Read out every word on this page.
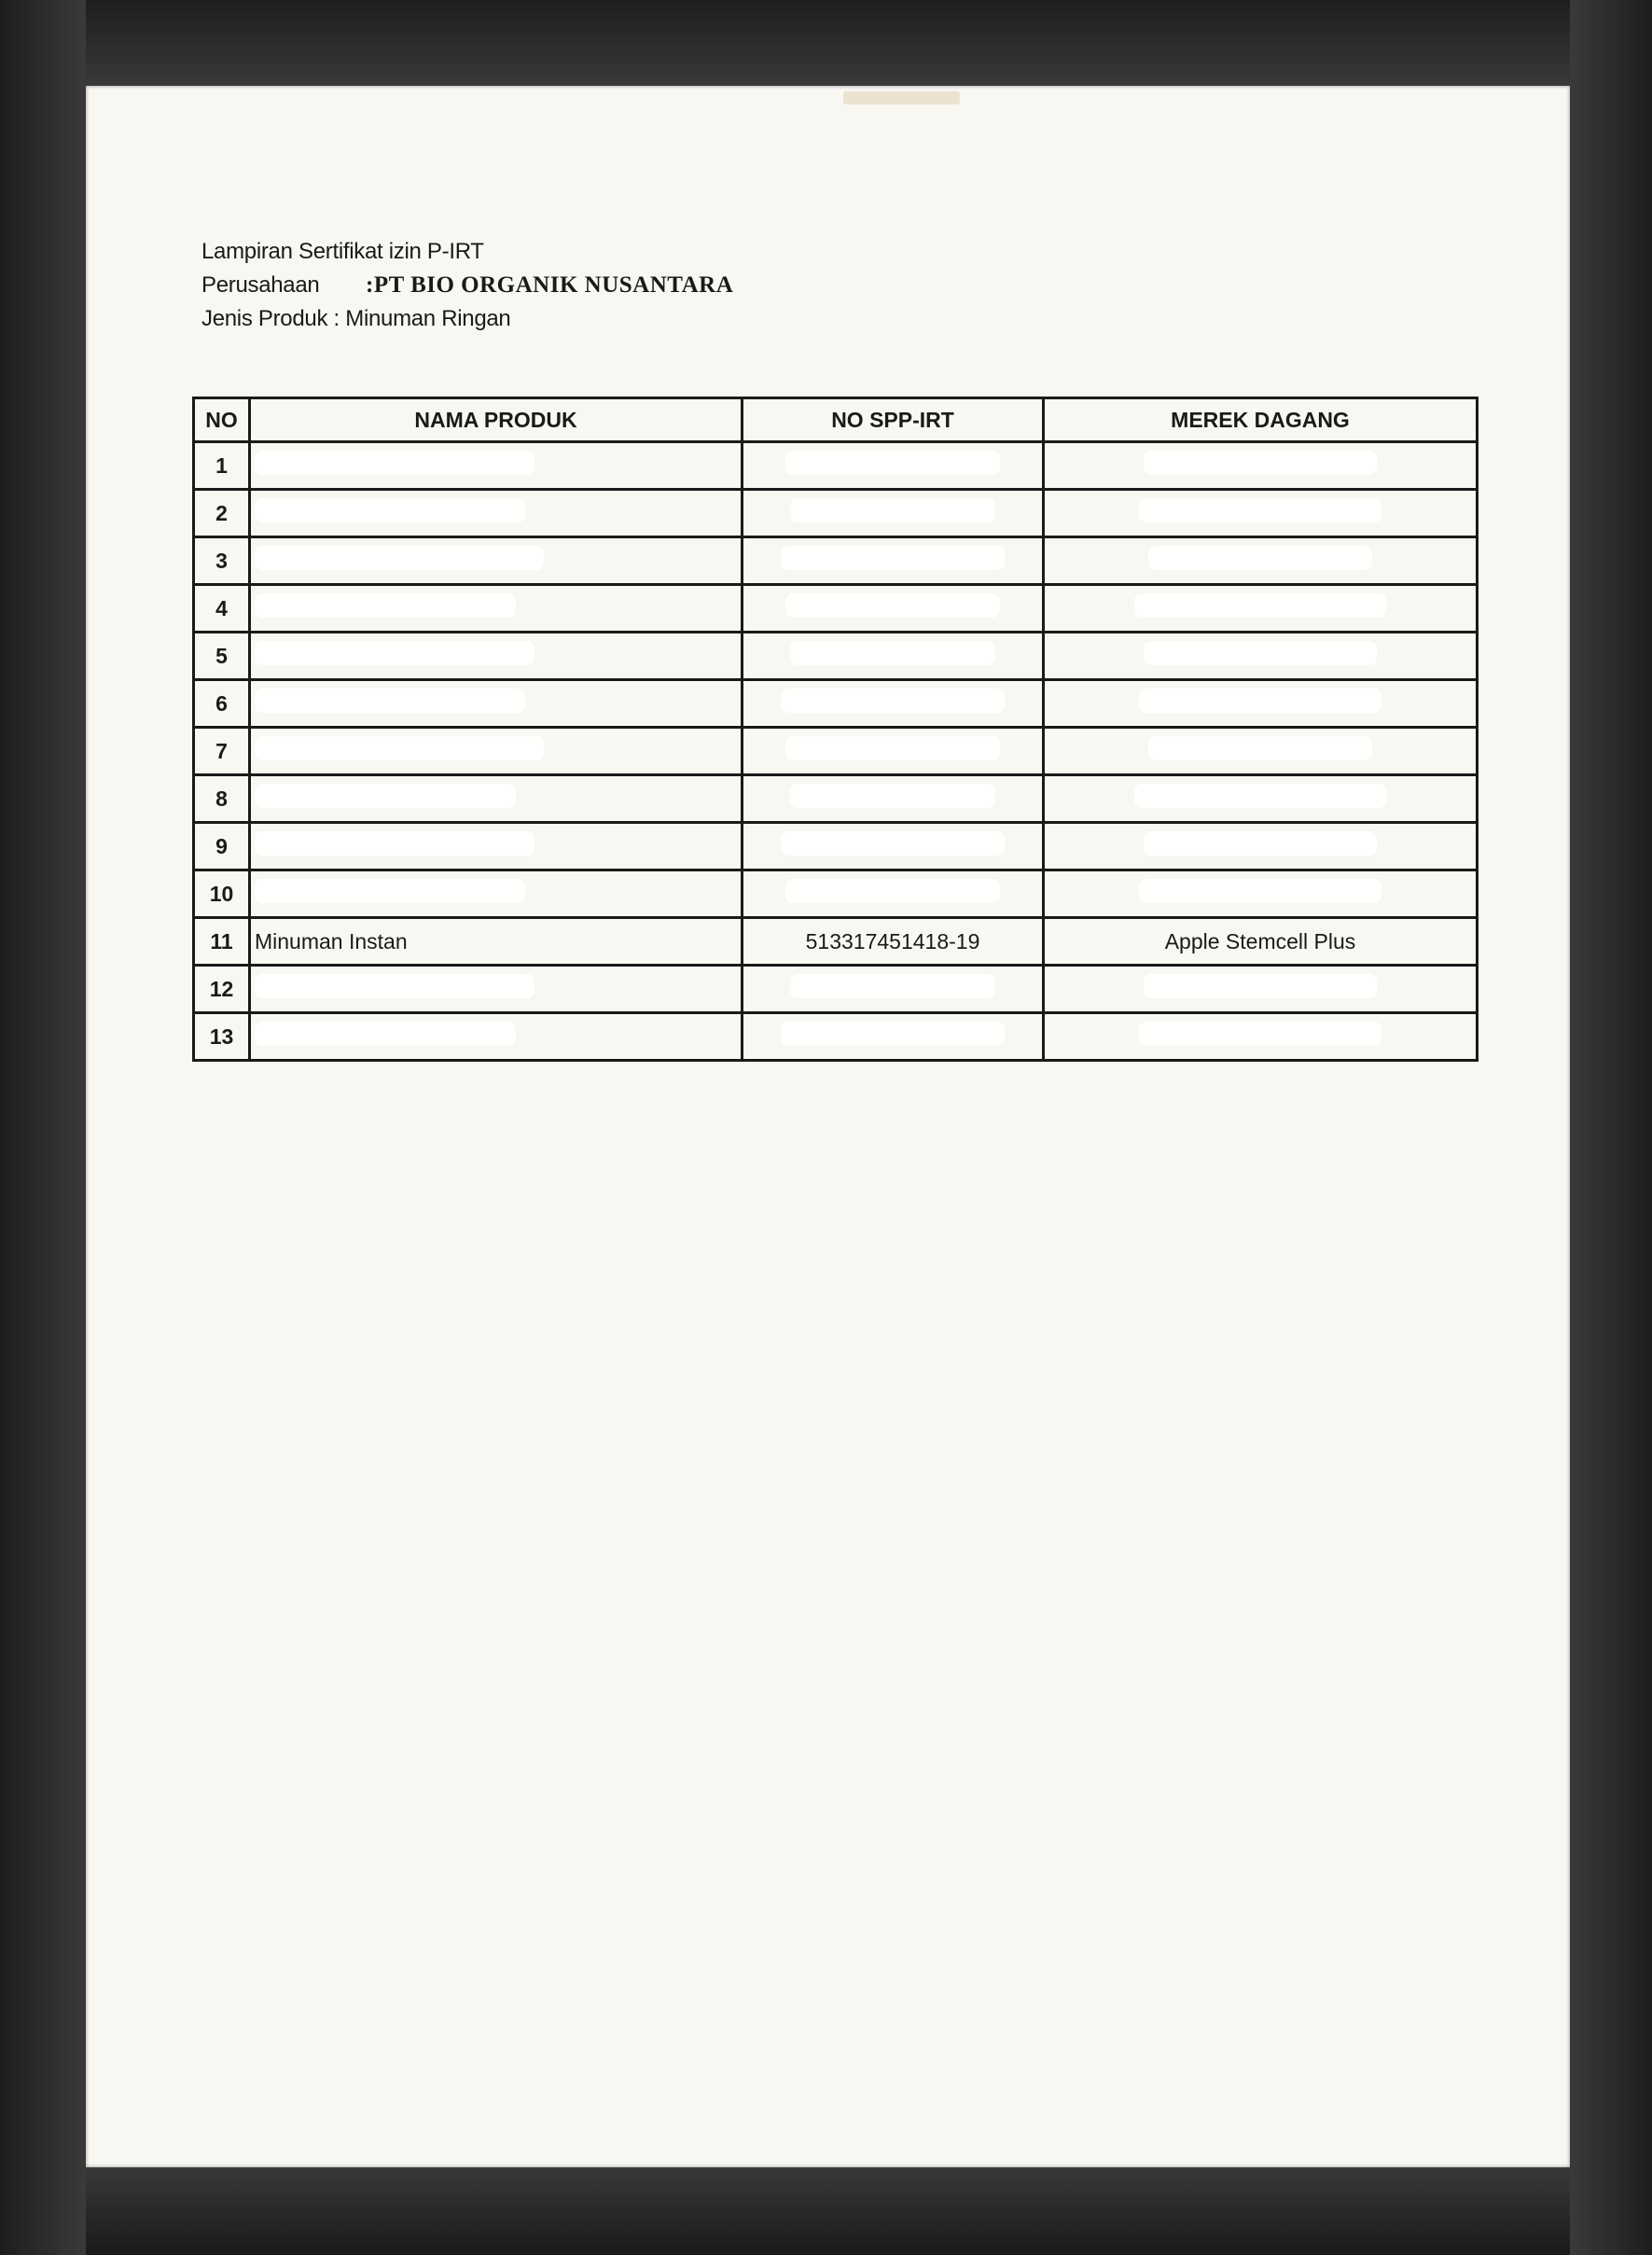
Lampiran Sertifikat izin P-IRT
Perusahaan :PT BIO ORGANIK NUSANTARA
Jenis Produk : Minuman Ringan
NO	NAMA PRODUK	NO SPP-IRT	MEREK DAGANG
1			
2			
3			
4			
5			
6			
7			
8			
9			
10			
11	Minuman Instan	513317451418-19	Apple Stemcell Plus
12			
13			
